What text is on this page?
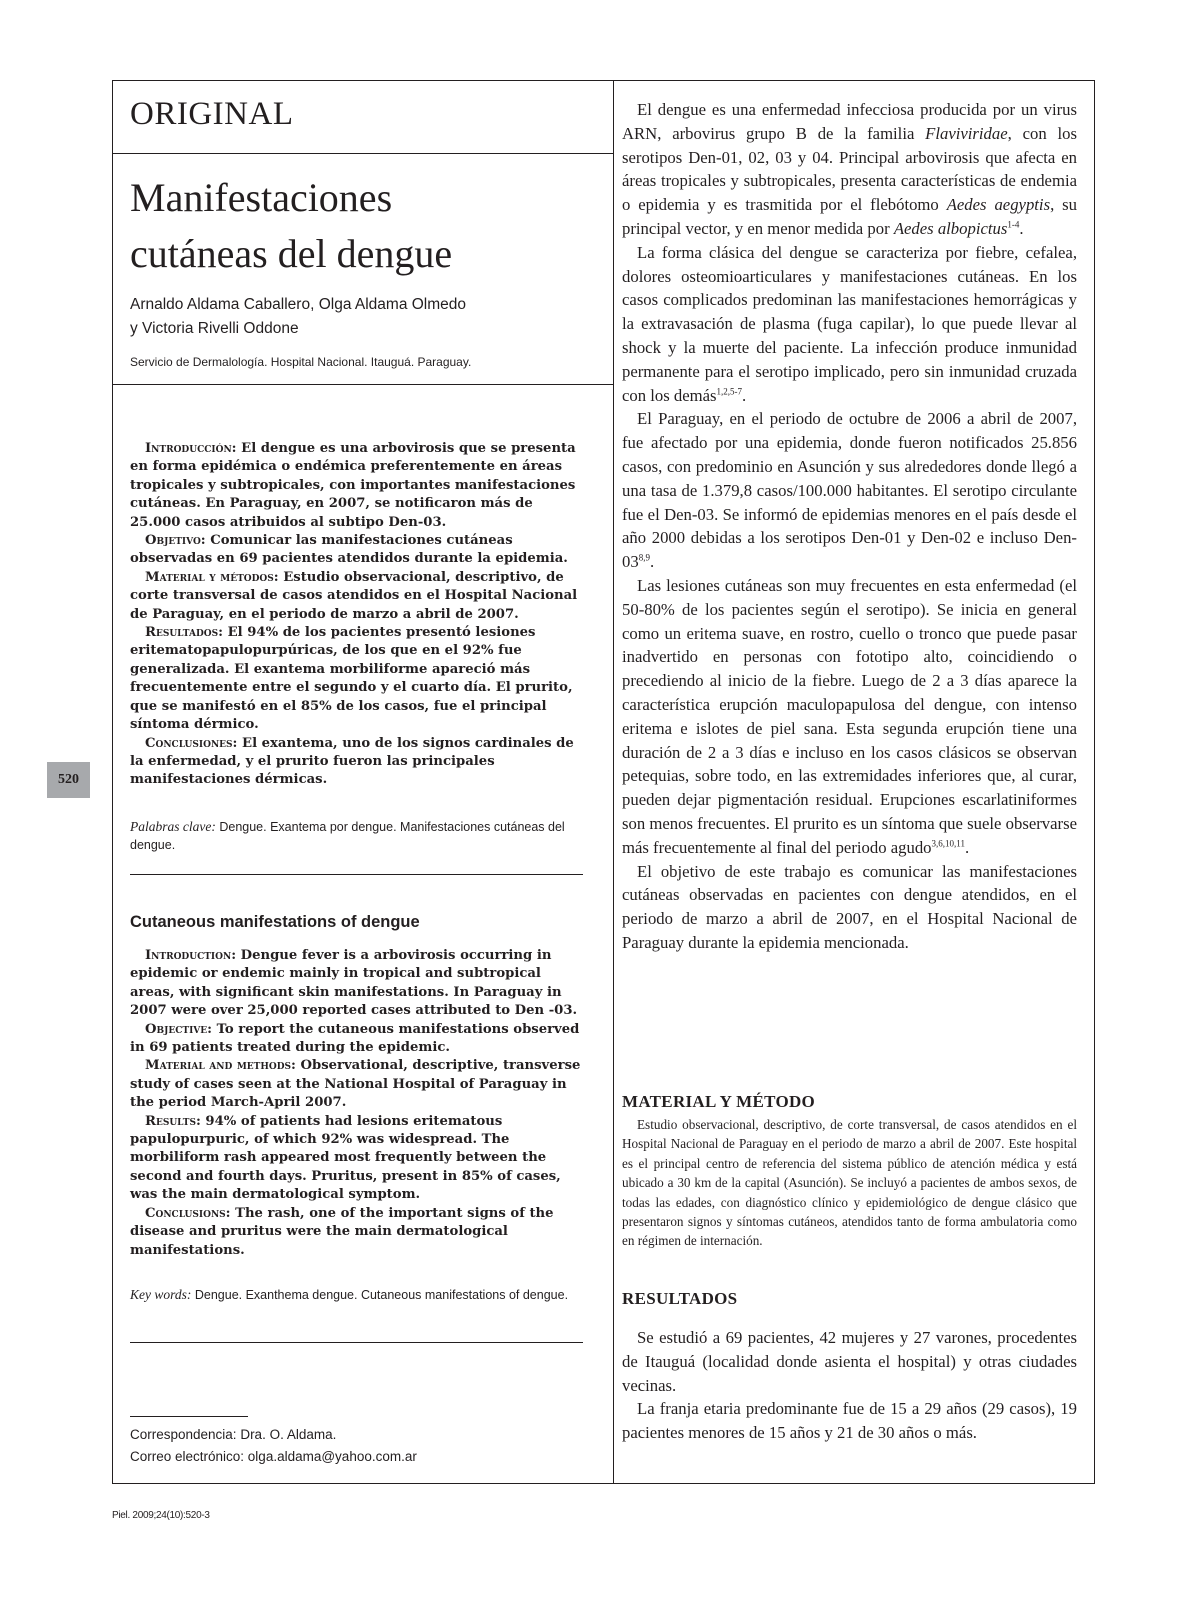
ORIGINAL
Manifestaciones
cutáneas del dengue
Arnaldo Aldama Caballero, Olga Aldama Olmedo
y Victoria Rivelli Oddone
Servicio de Dermalología. Hospital Nacional. Itauguá. Paraguay.

Introducción: El dengue es una arbovirosis que se presenta en forma epidémica o endémica preferentemente en áreas tropicales y subtropicales, con importantes manifestaciones cutáneas. En Paraguay, en 2007, se notificaron más de 25.000 casos atribuidos al subtipo Den-03.

Objetivo: Comunicar las manifestaciones cutáneas observadas en 69 pacientes atendidos durante la epidemia.

Material y métodos: Estudio observacional, descriptivo, de corte transversal de casos atendidos en el Hospital Nacional de Paraguay, en el periodo de marzo a abril de 2007.

Resultados: El 94% de los pacientes presentó lesiones eritematopapulopurpúricas, de los que en el 92% fue generalizada. El exantema morbiliforme apareció más frecuentemente entre el segundo y el cuarto día. El prurito, que se manifestó en el 85% de los casos, fue el principal síntoma dérmico.

Conclusiones: El exantema, uno de los signos cardinales de la enfermedad, y el prurito fueron las principales manifestaciones dérmicas.

Palabras clave: Dengue. Exantema por dengue. Manifestaciones cutáneas del dengue.
Cutaneous manifestations of dengue

Introduction: Dengue fever is a arbovirosis occurring in epidemic or endemic mainly in tropical and subtropical areas, with significant skin manifestations. In Paraguay in 2007 were over 25,000 reported cases attributed to Den -03.

Objective: To report the cutaneous manifestations observed in 69 patients treated during the epidemic.

Material and methods: Observational, descriptive, transverse study of cases seen at the National Hospital of Paraguay in the period March-April 2007.

Results: 94% of patients had lesions eritematous papulopurpuric, of which 92% was widespread. The morbiliform rash appeared most frequently between the second and fourth days. Pruritus, present in 85% of cases, was the main dermatological symptom.

Conclusions: The rash, one of the important signs of the disease and pruritus were the main dermatological manifestations.

Key words: Dengue. Exanthema dengue. Cutaneous manifestations of dengue.
Correspondencia: Dra. O. Aldama.
Correo electrónico: olga.aldama@yahoo.com.ar
520
Piel. 2009;24(10):520-3

El dengue es una enfermedad infecciosa producida por un virus ARN, arbovirus grupo B de la familia Flaviviridae, con los serotipos Den-01, 02, 03 y 04. Principal arbovirosis que afecta en áreas tropicales y subtropicales, presenta características de endemia o epidemia y es trasmitida por el flebótomo Aedes aegyptis, su principal vector, y en menor medida por Aedes albopictus$^{1-4}$.

La forma clásica del dengue se caracteriza por fiebre, cefalea, dolores osteomioarticulares y manifestaciones cutáneas. En los casos complicados predominan las manifestaciones hemorrágicas y la extravasación de plasma (fuga capilar), lo que puede llevar al shock y la muerte del paciente. La infección produce inmunidad permanente para el serotipo implicado, pero sin inmunidad cruzada con los demás$^{1,2,5-7}$.

El Paraguay, en el periodo de octubre de 2006 a abril de 2007, fue afectado por una epidemia, donde fueron notificados 25.856 casos, con predominio en Asunción y sus alrededores donde llegó a una tasa de 1.379,8 casos/100.000 habitantes. El serotipo circulante fue el Den-03. Se informó de epidemias menores en el país desde el año 2000 debidas a los serotipos Den-01 y Den-02 e incluso Den-03$^{8,9}$.

Las lesiones cutáneas son muy frecuentes en esta enfermedad (el 50-80% de los pacientes según el serotipo). Se inicia en general como un eritema suave, en rostro, cuello o tronco que puede pasar inadvertido en personas con fototipo alto, coincidiendo o precediendo al inicio de la fiebre. Luego de 2 a 3 días aparece la característica erupción maculopapulosa del dengue, con intenso eritema e islotes de piel sana. Esta segunda erupción tiene una duración de 2 a 3 días e incluso en los casos clásicos se observan petequias, sobre todo, en las extremidades inferiores que, al curar, pueden dejar pigmentación residual. Erupciones escarlatiniformes son menos frecuentes. El prurito es un síntoma que suele observarse más frecuentemente al final del periodo agudo$^{3,6,10,11}$.

El objetivo de este trabajo es comunicar las manifestaciones cutáneas observadas en pacientes con dengue atendidos, en el periodo de marzo a abril de 2007, en el Hospital Nacional de Paraguay durante la epidemia mencionada.

MATERIAL Y MÉTODO

Estudio observacional, descriptivo, de corte transversal, de casos atendidos en el Hospital Nacional de Paraguay en el periodo de marzo a abril de 2007. Este hospital es el principal centro de referencia del sistema público de atención médica y está ubicado a 30 km de la capital (Asunción). Se incluyó a pacientes de ambos sexos, de todas las edades, con diagnóstico clínico y epidemiológico de dengue clásico que presentaron signos y síntomas cutáneos, atendidos tanto de forma ambulatoria como en régimen de internación.

RESULTADOS

Se estudió a 69 pacientes, 42 mujeres y 27 varones, procedentes de Itauguá (localidad donde asienta el hospital) y otras ciudades vecinas.

La franja etaria predominante fue de 15 a 29 años (29 casos), 19 pacientes menores de 15 años y 21 de 30 años o más.
